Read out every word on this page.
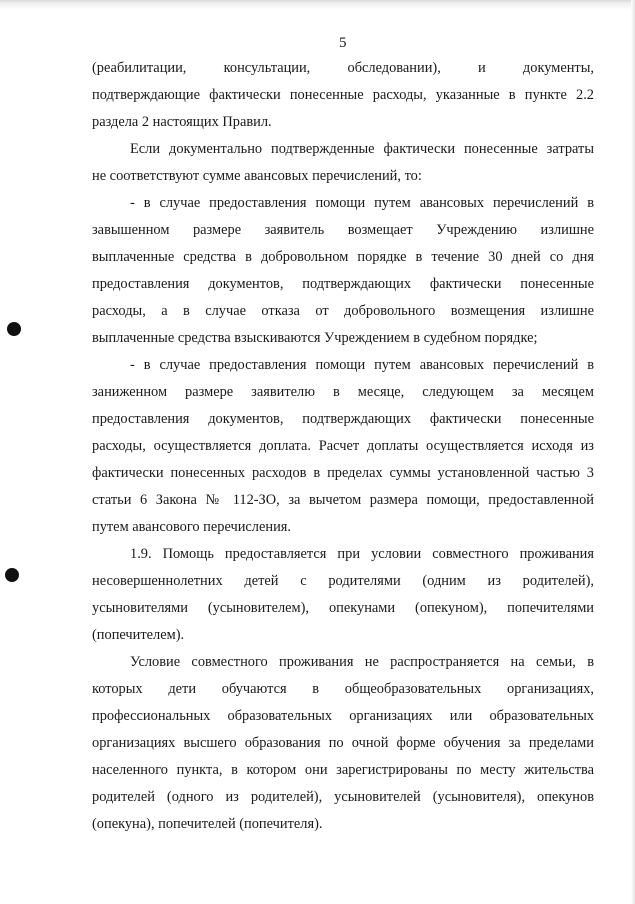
5
(реабилитации, консультации, обследовании), и документы,
подтверждающие фактически понесенные расходы, указанные в пункте 2.2
раздела 2 настоящих Правил.
Если документально подтвержденные фактически понесенные затраты
не соответствуют сумме авансовых перечислений, то:
- в случае предоставления помощи путем авансовых перечислений в
завышенном размере заявитель возмещает Учреждению излишне
выплаченные средства в добровольном порядке в течение 30 дней со дня
предоставления документов, подтверждающих фактически понесенные
расходы, а в случае отказа от добровольного возмещения излишне
выплаченные средства взыскиваются Учреждением в судебном порядке;
- в случае предоставления помощи путем авансовых перечислений в
заниженном размере заявителю в месяце, следующем за месяцем
предоставления документов, подтверждающих фактически понесенные
расходы, осуществляется доплата. Расчет доплаты осуществляется исходя из
фактически понесенных расходов в пределах суммы установленной частью 3
статьи 6 Закона № 112-ЗО, за вычетом размера помощи, предоставленной
путем авансового перечисления.
1.9. Помощь предоставляется при условии совместного проживания
несовершеннолетних детей с родителями (одним из родителей),
усыновителями (усыновителем), опекунами (опекуном), попечителями
(попечителем).
Условие совместного проживания не распространяется на семьи, в
которых дети обучаются в общеобразовательных организациях,
профессиональных образовательных организациях или образовательных
организациях высшего образования по очной форме обучения за пределами
населенного пункта, в котором они зарегистрированы по месту жительства
родителей (одного из родителей), усыновителей (усыновителя), опекунов
(опекуна), попечителей (попечителя).
